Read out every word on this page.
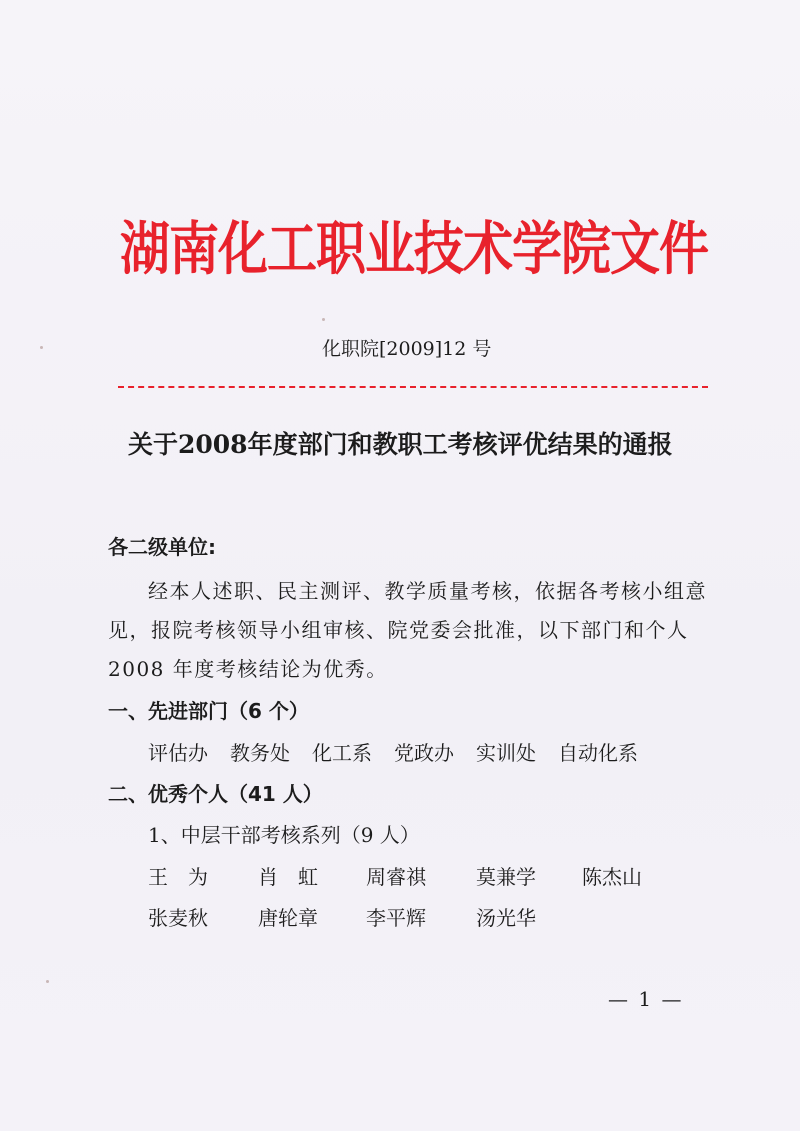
湖南化工职业技术学院文件
化职院[2009]12 号
关于2008年度部门和教职工考核评优结果的通报
各二级单位:
经本人述职、民主测评、教学质量考核，依据各考核小组意
见，报院考核领导小组审核、院党委会批准，以下部门和个人
2008 年度考核结论为优秀。
一、先进部门（6 个）
评估办 教务处 化工系 党政办 实训处 自动化系
二、优秀个人（41 人）
1、中层干部考核系列（9 人）
王　为	肖　虹 周睿祺	莫兼学 陈杰山
张麦秋	唐轮章 李平辉	汤光华
— 1 —
